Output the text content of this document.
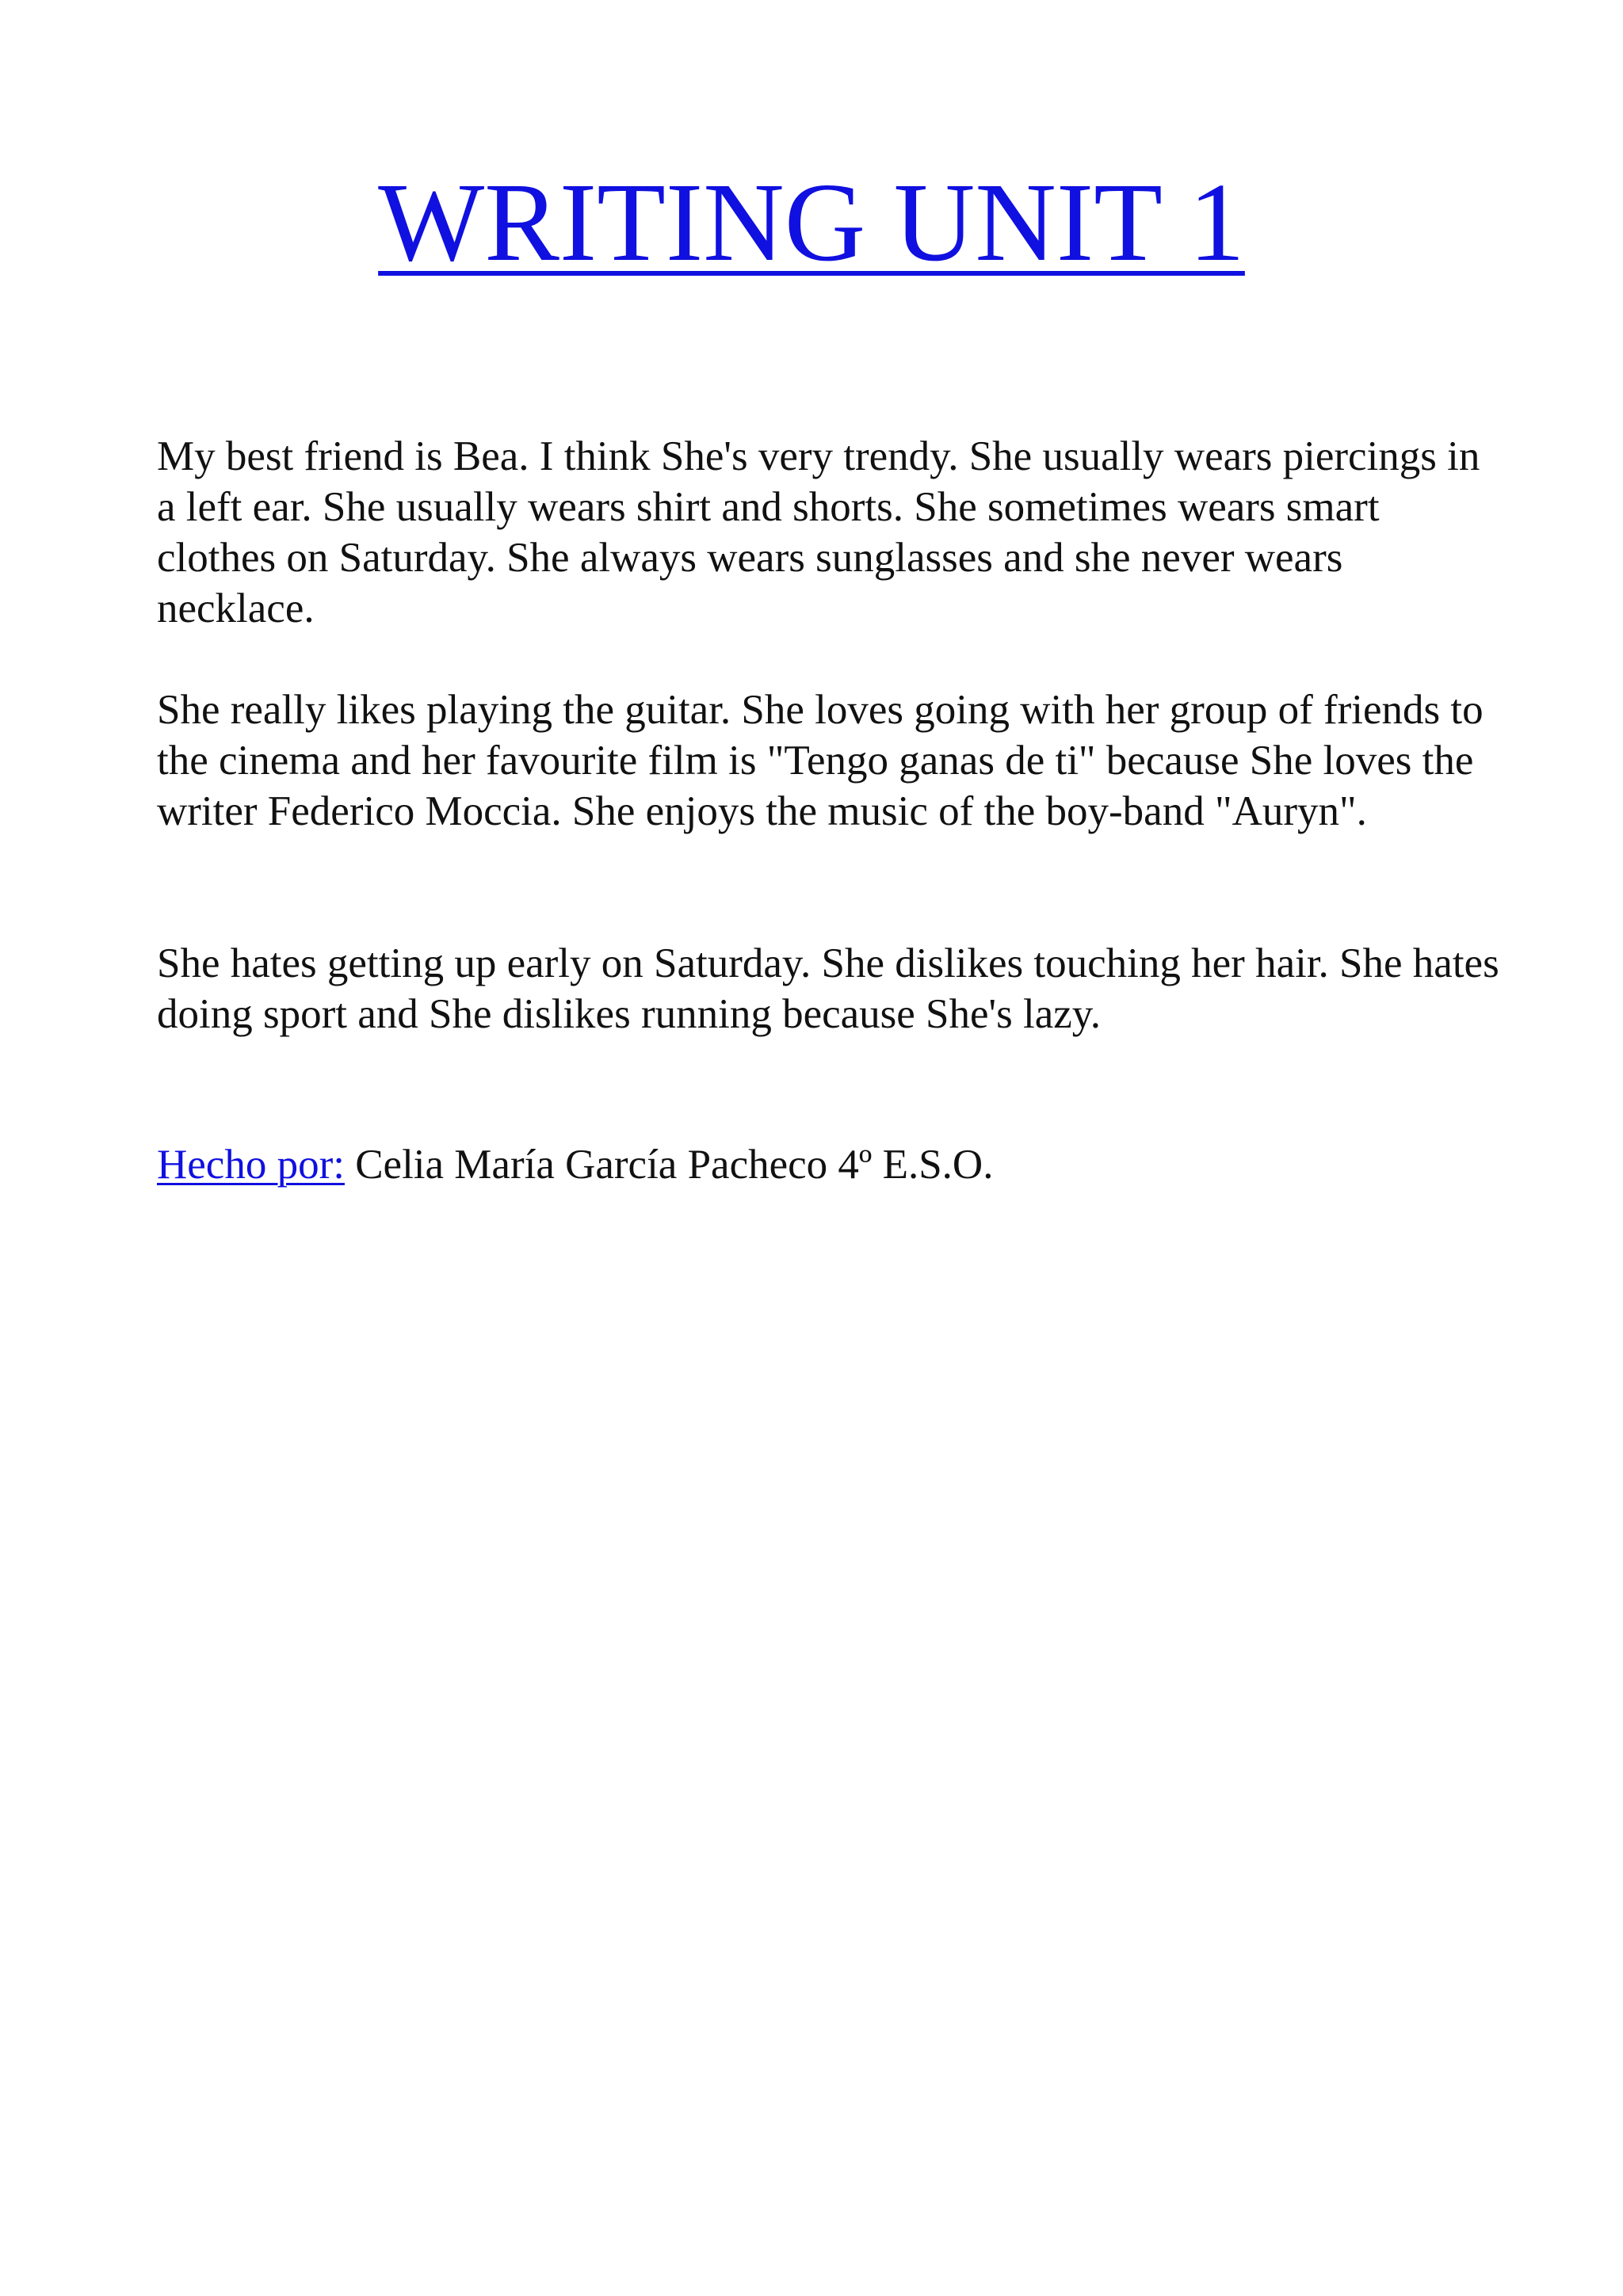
WRITING UNIT 1

My best friend is Bea. I think She's very trendy. She usually wears piercings in a left ear. She usually wears shirt and shorts. She sometimes wears smart clothes on Saturday. She always wears sunglasses and she never wears necklace.

She really likes playing the guitar. She loves going with her group of friends to the cinema and her favourite film is "Tengo ganas de ti" because She loves the writer Federico Moccia. She enjoys the music of the boy-band "Auryn".

She hates getting up early on Saturday. She dislikes touching her hair. She hates doing sport and She dislikes running because She's lazy.

Hecho por: Celia María García Pacheco 4º E.S.O.
